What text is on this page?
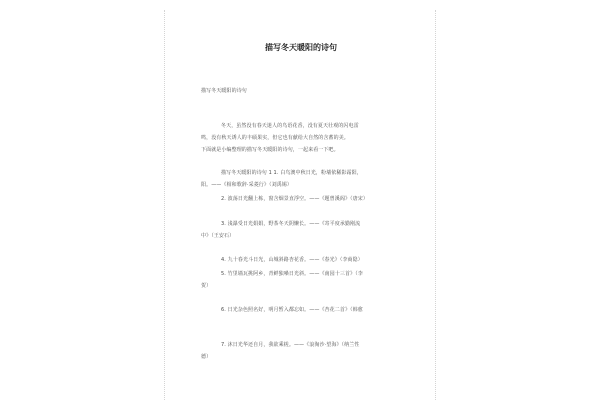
描写冬天暖阳的诗句
描写冬天暖阳的诗句
冬天，虽然没有春天迷人的鸟语花香，没有夏天壮观的闪电雷
鸣，没有秋天诱人的丰硕果实，但它也有献给大自然的含蓄的美。
下面就是小编整理的描写冬天暖阳的诗句，一起来看一下吧。
描写冬天暖阳的诗句 1 1. 白鸟澳中秋日光，粉墙依稀影霜阳，
阳。——《相和歌辞·采菱行》（刘禹锡）
2. 波荡日光翻上栋，窗含烟景直浮空。——《题曾溪阁》（唐宋）
3. 浅瀑受日光娟娟，野茶冬天阴懒长。——《寄平度承勤刚流
中》（王安石）
4. 九十春光斗日光，山城斜路杏花香。——《春光》（李商隐）
5. 竹里墙瓦挑阿乡，青鲜独嗓日光斜。——《南园十三首》（李
贺）
6. 日光杂色照名好，明月暂入都忘如。——《杏花二首》（韩愈
7. 沐日光华还自月，我欲乘槎。——《浪淘沙·望海》（纳兰性
德）
